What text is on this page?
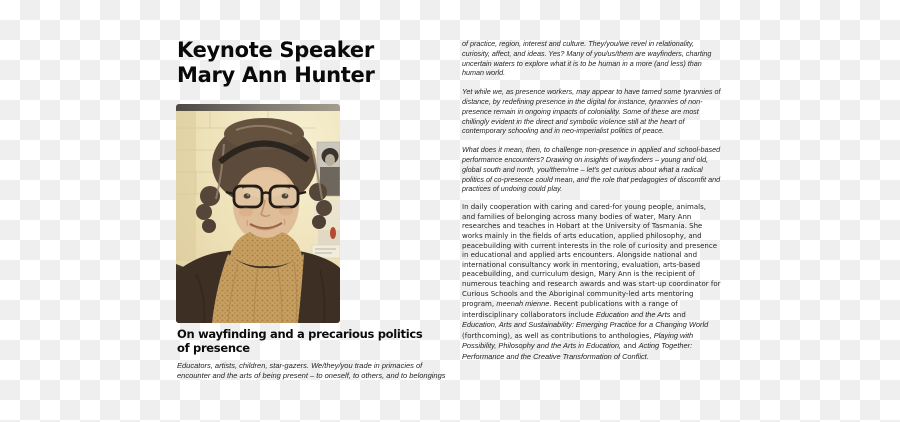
Keynote Speaker
Mary Ann Hunter
On wayfinding and a precarious politics
of presence

Educators, artists, children, star-gazers. We/they/you trade in primacies of encounter and the arts of being present – to oneself, to others, and to belongings

of practice, region, interest and culture. They/you/we revel in relationality, curiosity, affect, and ideas. Yes? Many of you/us/them are wayfinders, charting uncertain waters to explore what it is to be human in a more (and less) than human world.

Yet while we, as presence workers, may appear to have tamed some tyrannies of distance, by redefining presence in the digital for instance, tyrannies of non-presence remain in ongoing impacts of coloniality. Some of these are most chillingly evident in the direct and symbolic violence still at the heart of contemporary schooling and in neo-imperialist politics of peace.

What does it mean, then, to challenge non-presence in applied and school-based performance encounters? Drawing on insights of wayfinders – young and old, global south and north, you/them/me – let's get curious about what a radical politics of co-presence could mean, and the role that pedagogies of discomfit and practices of undoing could play.

In daily cooperation with caring and cared-for young people, animals, and families of belonging across many bodies of water, Mary Ann researches and teaches in Hobart at the University of Tasmania. She works mainly in the fields of arts education, applied philosophy, and peacebuilding with current interests in the role of curiosity and presence in educational and applied arts encounters. Alongside national and international consultancy work in mentoring, evaluation, arts-based peacebuilding, and curriculum design, Mary Ann is the recipient of numerous teaching and research awards and was start-up coordinator for Curious Schools and the Aboriginal community-led arts mentoring program, meenah mienne. Recent publications with a range of interdisciplinary collaborators include Education and the Arts and Education, Arts and Sustainability: Emerging Practice for a Changing World (forthcoming), as well as contributions to anthologies, Playing with Possibility, Philosophy and the Arts in Education, and Acting Together: Performance and the Creative Transformation of Conflict.
